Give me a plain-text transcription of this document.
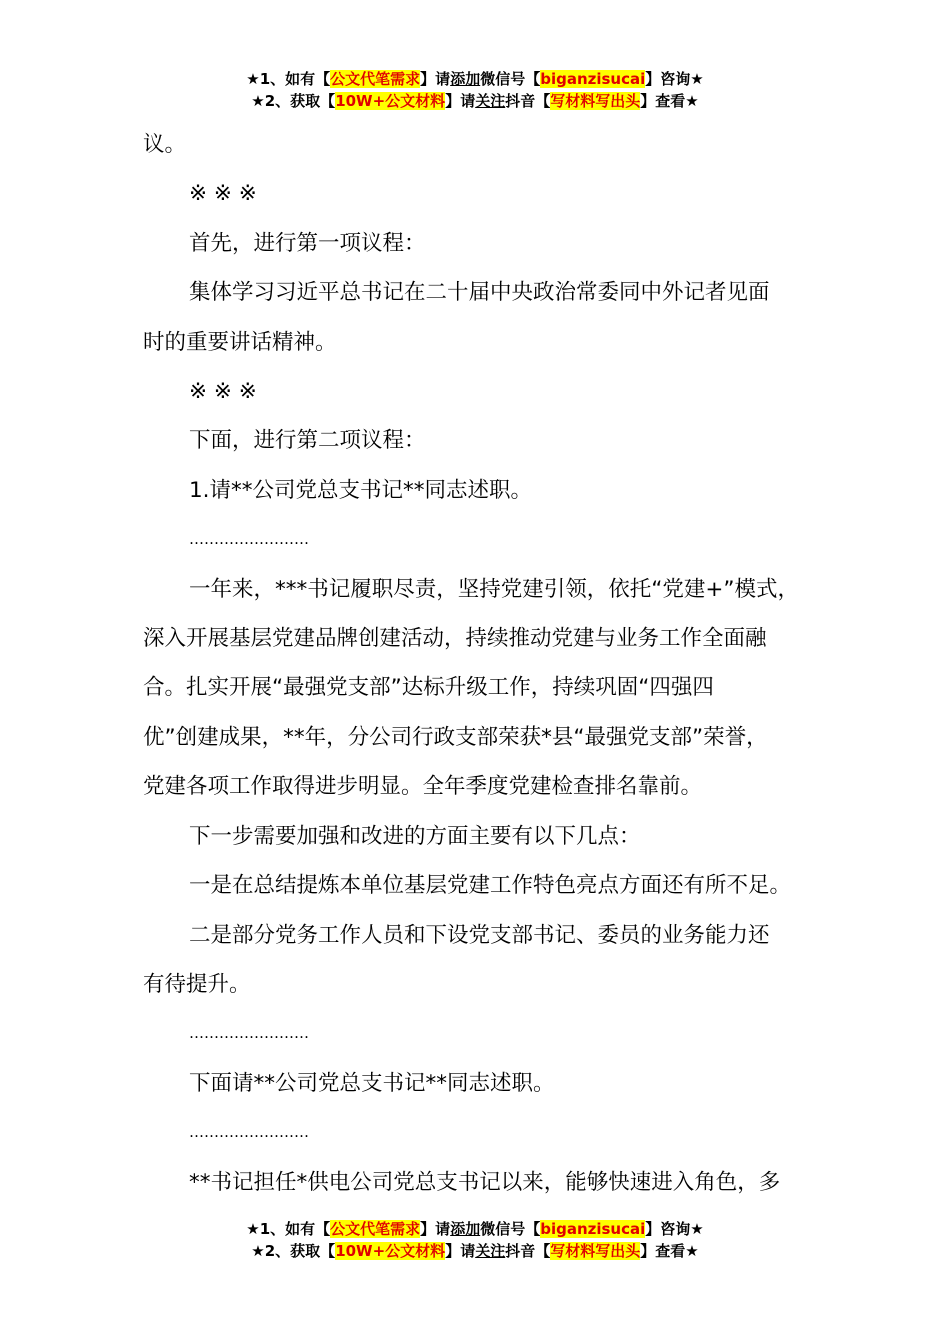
★1、如有【公文代笔需求】请添加微信号【biganzisucai】咨询★
★2、获取【10W+公文材料】请关注抖音【写材料写出头】查看★

议。

※ ※ ※

首先，进行第一项议程：

集体学习习近平总书记在二十届中央政治常委同中外记者见面

时的重要讲话精神。

※ ※ ※

下面，进行第二项议程：

1.请**公司党总支书记**同志述职。

……………………

一年来，***书记履职尽责，坚持党建引领，依托“党建+”模式，

深入开展基层党建品牌创建活动，持续推动党建与业务工作全面融

合。扎实开展“最强党支部”达标升级工作，持续巩固“四强四

优”创建成果，**年，分公司行政支部荣获*县“最强党支部”荣誉，

党建各项工作取得进步明显。全年季度党建检查排名靠前。

下一步需要加强和改进的方面主要有以下几点：

一是在总结提炼本单位基层党建工作特色亮点方面还有所不足。

二是部分党务工作人员和下设党支部书记、委员的业务能力还

有待提升。

……………………

下面请**公司党总支书记**同志述职。

……………………

**书记担任*供电公司党总支书记以来，能够快速进入角色，多

★1、如有【公文代笔需求】请添加微信号【biganzisucai】咨询★
★2、获取【10W+公文材料】请关注抖音【写材料写出头】查看★
